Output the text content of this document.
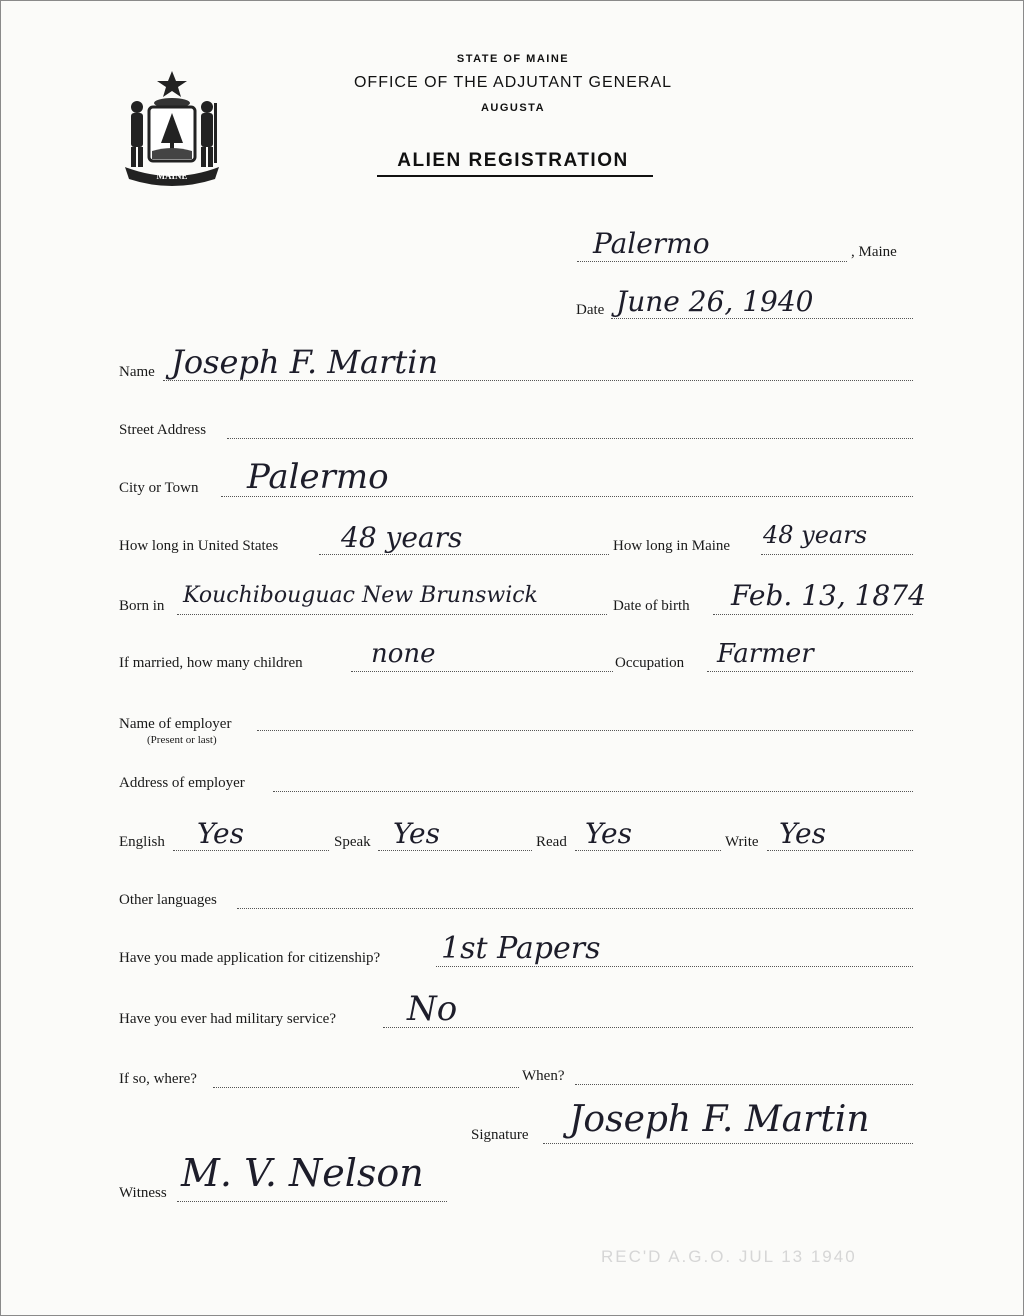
MAINE
STATE OF MAINE
OFFICE OF THE ADJUTANT GENERAL
AUGUSTA
ALIEN REGISTRATION
Palermo	, Maine
Date June 26, 1940
Name Joseph F. Martin
Street Address
City or Town Palermo
How long in United States 48 years	How long in Maine 48 years
Born in Kouchibouguac New Brunswick	Date of birth Feb. 13, 1874
If married, how many children	none	Occupation Farmer
Name of employer
(Present or last)
Address of employer
English Yes	Speak Yes	Read Yes	Write Yes
Other languages
Have you made application for citizenship? 1st Papers
Have you ever had military service? No
If so, where?	When?
Signature Joseph F. Martin
Witness M. V. Nelson
REC'D A.G.O. JUL 13 1940
